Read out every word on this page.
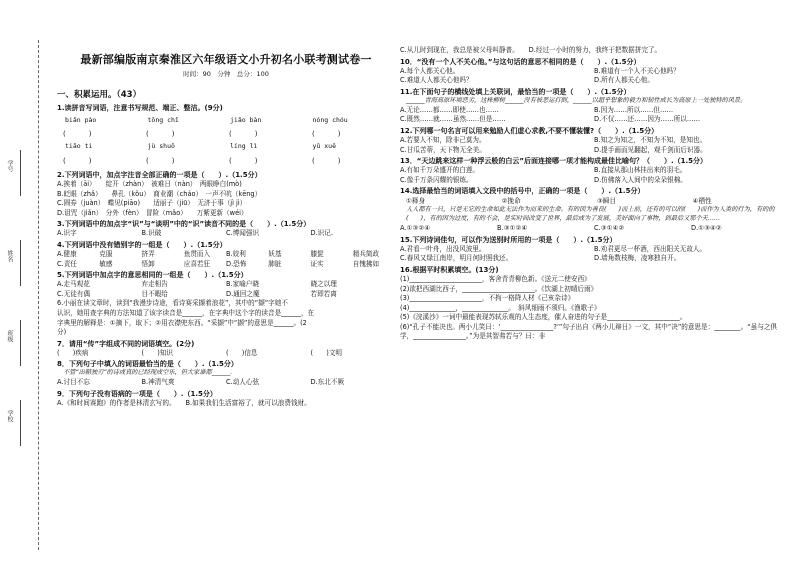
学号
姓名
班级
学校
最新部编版南京秦淮区六年级语文小升初名小联考测试卷一
时间：90　分钟　总分：100
一、积累运用。（43）
1.读拼音写词语，注意书写规范、端正、整洁。(9分)
biǎn pào	tōng chǐ	jiǎo bàn	nóng chóu
(　　)	(　　)	(　　)	(　　)
tiāo ti	jù shuō	líng lì	yǔ xuě
(　　)	(　　)	(　　)	(　　)
2.下列词语中，加点字注音全部正确的一项是（　　）.（1.5分）
A.挨着（āi）　　绽开（zhàn）　被难日（nàn）　两眼睁白(mò)
B.眨眼（zhǎ）　　鼻孔（kǒu）　商业潮（cháo）　一声不吭（kēng）
C.圆券（juàn）　蝶见(piāo)　　适丽子（jiū）　无济于事（jì jì）
D.诅咒（jiǎn）　分外（fèn）　冒险（mǎo）　　万紫更新（wéi）
3.下列词语中的加点字“识”与“谈明”中的“识”读音不同的是（　　）.（1.5分）
A.识字	B.识破	C.博闻强识	D.识记.
4.下列词语中没有错别字的一组是（　　）.（1.5分）
A.健康	克服	挤弄	鱼贯而入	B.姣利	妖基	膝髭	精兵简政
C.责任	敏感	悟卸	应喜若狂	D.恐怖	肺脏	证实	自愧拂如
5.下列词语中加点字的意思相同的一组是（　　）.（1.5分）
A.走马观花	弃走相告	B.家喻户晓	晓之以理
C.无徒有偶	目不暇给	D.通回之魔	若即若离
6.小丽在读文章时，读到“我漫步诗途，看诗赛采撷着浪花”，其中的“撷”字她不
认识，她用查字典的方法知道了该字读音是______，在字典中这个字的读音是______，在
字典里的解释是：①摘下，取下；②用衣襟兜东西。“采撷”中“撷”的意思是______。(2
分)
7．请用“传”字组成不同的词语填空。(2分)
(　　)疾病	(　　)知识	(　　)信息	(　　)文明
8．下列句子中填入的词语最恰当的是（　　）.（1.5分）
不管“出鞘独刃”的诗或真的已经现成空乐，但大家谁都______.
A.讨目不忘	B.神清气爽	C.动人心弦	D.东北不厥
9．下列句子没有语病的一项是（　　）.（1.5分）
A.《和时间赛跑》的作者是林清玄写的。　　B.如果我们生活富裕了，就可以浪费钱财。
C.从儿时到现在，我总是被父母叫静普。　　D.经过一小时的努力，我终于把数据拼完了。
10．“没有一个人不关心他。”与这句话的意思不相同的是（　　）.（1.5分）
A.每个人都关心他。	B.难道有一个人不关心他吗？
C.难道人人都关心他吗？	D.所有人都关心他。
11.在下面句子的横线处填上关联词，最恰当的一项是（　　）.（1.5分）
______青海高原环境恶劣，这株柳树______没有被恶运打倒，______以超乎想象的毅力和韧性成长为高原上一处独特的风景。
A.无论……都……即使……也……	B.因为……所以……但……
C.既然……就……虽然……但是……	D.不仅……还……因为……所以……
12.下列哪一句名言可以用来勉励人们虚心求教,不要不懂装懂?（　　）.（1.5分）
A.若要人不知，除非己莫为。	B.知之为知之，不知为不知，是知也。
C.甘瓜苦蒂，天下物无全美。	D.提手画而见翻起，观千剑而后识器。
13．“天边跳来这样一种浮云般的白云”后面连接哪一项才能构成最佳比喻句？（　　）.（1.5分）
A.有如千万朵盛开的白莲。	B.直接从那山林挂出来的羽毛。
C.像千万条闪耀的银练。	D.仿佛落入人间中的朵朵银棉。
14.选择最恰当的词语填入文段中的括号中，正确的一项是（　　）.（1.5分）
①释身	②挽命	③瞬目	④栖性
人人都有一只，只是无它的生命如此无法作为而来的生命。有的因为善良(　　)而上前，还有的可以的(　　)而作为人类的行为，有的的(　　)，有的因为过度，有的不会，是实时间改变了世界，最后成为了发展，美好面向了事物，到最后又那个天……
A.①③②④	B.③①②④	C.③①④②	D.①③④②
15.下列诗词佳句，可以作为送别时所用的一项是（　　）.（1.5分）
A.君看一叶舟，出没风波里。	B.劝君更尽一杯酒，西出阳关无故人。
C.春风又绿江南岸，明月何时照我还。	D.墙角数枝梅，凌寒独自开。
16.根据平时积累填空。(13分)
(1)______________________，客舍青青柳色新。《送元二使安西》
(2)欲把西湖比西子，______________________。《饮湖上初晴后雨》
(3)______________________，不拘一格降人材《己亥杂诗》
(4)______________，______________。　斜风细雨不须归。《渔歌子》
(5)《浣溪沙》一词中最能表现苏轼乐观的人生态度，催人奋进的句子是______________________。
(6)“孔子不能决也。两小儿笑曰：‘________________?’”句子出自《两小儿辩日》一文，其中“决”的意思是：________。“虽与之俱学，________________。”为是其智弗若与？曰：非
